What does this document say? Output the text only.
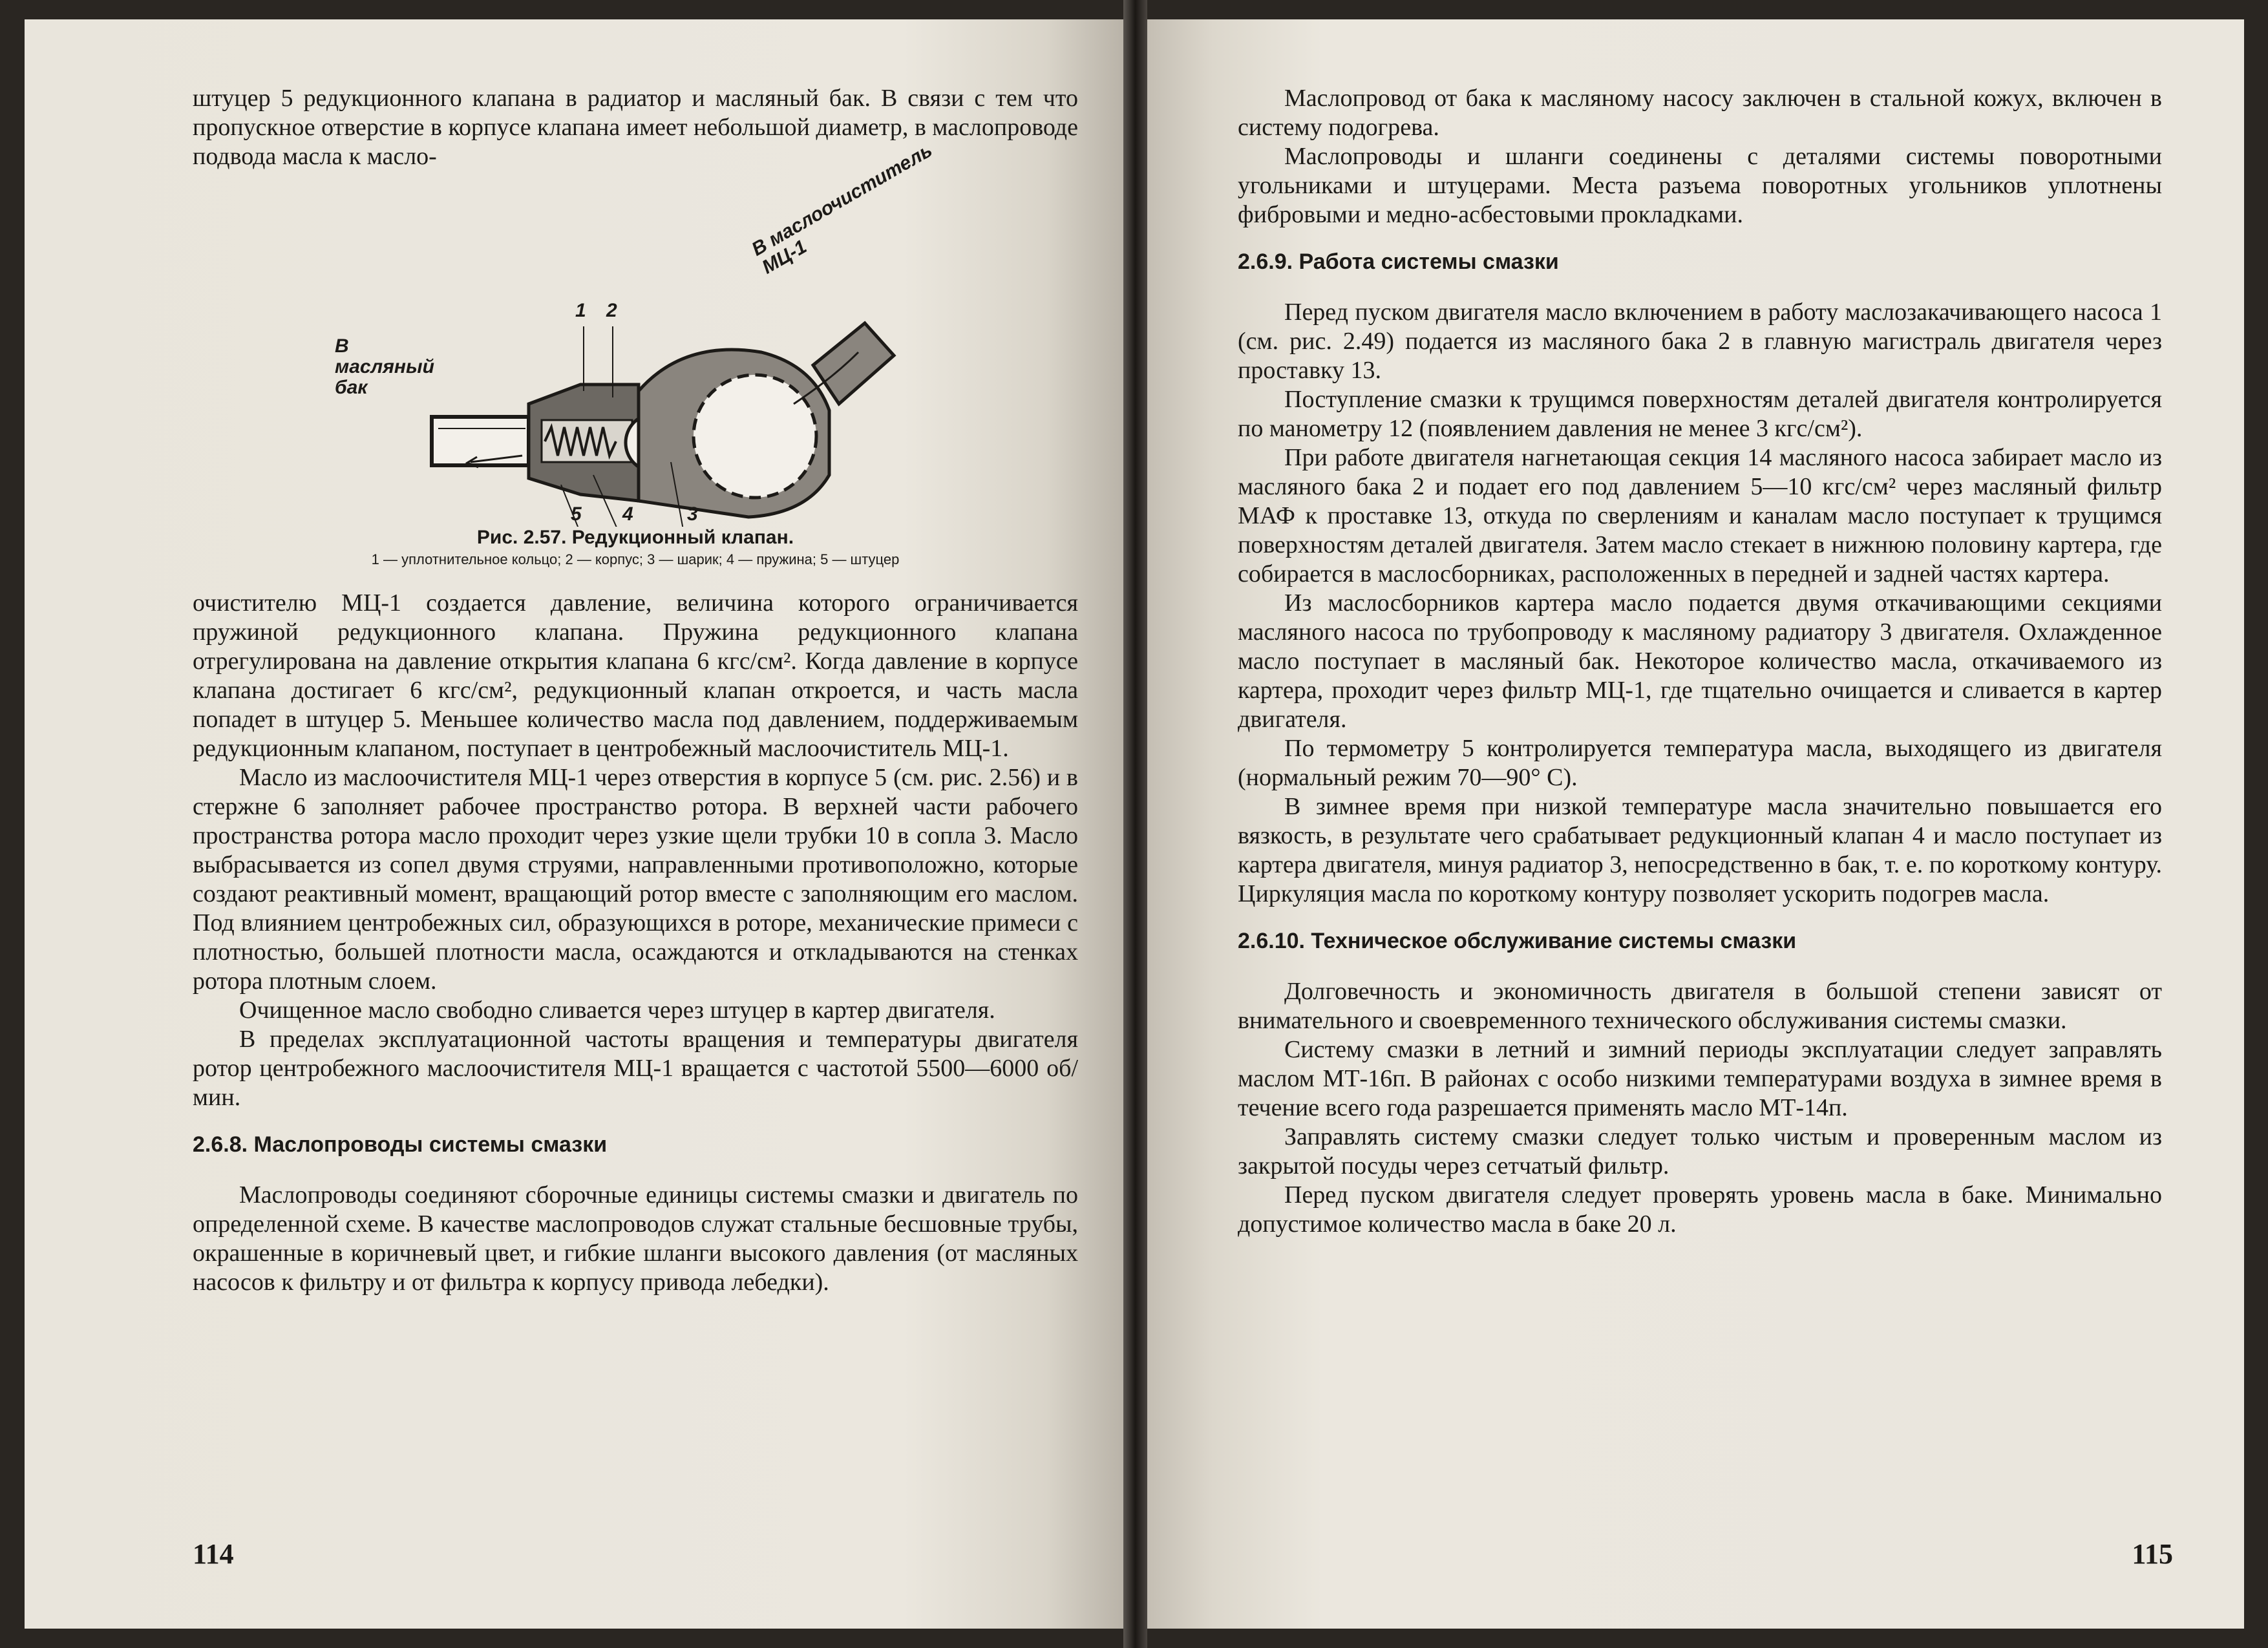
штуцер 5 редукционного клапана в радиатор и масляный бак. В связи с тем что пропускное отверстие в корпусе клапана имеет небольшой диаметр, в маслопроводе подвода масла к масло-

В масляный бак
В маслоочиститель МЦ-1
1 2
5 4	3
Рис. 2.57. Редукционный клапан.
1 — уплотнительное кольцо; 2 — корпус; 3 — шарик; 4 — пружина; 5 — штуцер

очистителю МЦ-1 создается давление, величина которого ограничивается пружиной редукционного клапана. Пружина редукционного клапана отрегулирована на давление открытия клапана 6 кгс/см². Когда давление в корпусе клапана достигает 6 кгс/см², редукционный клапан откроется, и часть масла попадет в штуцер 5. Меньшее количество масла под давлением, поддерживаемым редукционным клапаном, поступает в центробежный маслоочиститель МЦ-1.

Масло из маслоочистителя МЦ-1 через отверстия в корпусе 5 (см. рис. 2.56) и в стержне 6 заполняет рабочее пространство ротора. В верхней части рабочего пространства ротора масло проходит через узкие щели трубки 10 в сопла 3. Масло выбрасывается из сопел двумя струями, направленными противоположно, которые создают реактивный момент, вращающий ротор вместе с заполняющим его маслом. Под влиянием центробежных сил, образующихся в роторе, механические примеси с плотностью, большей плотности масла, осаждаются и откладываются на стенках ротора плотным слоем.

Очищенное масло свободно сливается через штуцер в картер двигателя.

В пределах эксплуатационной частоты вращения и температуры двигателя ротор центробежного маслоочистителя МЦ-1 вращается с частотой 5500—6000 об/мин.

2.6.8. Маслопроводы системы смазки

Маслопроводы соединяют сборочные единицы системы смазки и двигатель по определенной схеме. В качестве маслопроводов служат стальные бесшовные трубы, окрашенные в коричневый цвет, и гибкие шланги высокого давления (от масляных насосов к фильтру и от фильтра к корпусу привода лебедки).

114

Маслопровод от бака к масляному насосу заключен в стальной кожух, включен в систему подогрева.

Маслопроводы и шланги соединены с деталями системы поворотными угольниками и штуцерами. Места разъема поворотных угольников уплотнены фибровыми и медно-асбестовыми прокладками.

2.6.9. Работа системы смазки

Перед пуском двигателя масло включением в работу маслозакачивающего насоса 1 (см. рис. 2.49) подается из масляного бака 2 в главную магистраль двигателя через проставку 13.

Поступление смазки к трущимся поверхностям деталей двигателя контролируется по манометру 12 (появлением давления не менее 3 кгс/см²).

При работе двигателя нагнетающая секция 14 масляного насоса забирает масло из масляного бака 2 и подает его под давлением 5—10 кгс/см² через масляный фильтр МАФ к проставке 13, откуда по сверлениям и каналам масло поступает к трущимся поверхностям деталей двигателя. Затем масло стекает в нижнюю половину картера, где собирается в маслосборниках, расположенных в передней и задней частях картера.

Из маслосборников картера масло подается двумя откачивающими секциями масляного насоса по трубопроводу к масляному радиатору 3 двигателя. Охлажденное масло поступает в масляный бак. Некоторое количество масла, откачиваемого из картера, проходит через фильтр МЦ-1, где тщательно очищается и сливается в картер двигателя.

По термометру 5 контролируется температура масла, выходящего из двигателя (нормальный режим 70—90° С).

В зимнее время при низкой температуре масла значительно повышается его вязкость, в результате чего срабатывает редукционный клапан 4 и масло поступает из картера двигателя, минуя радиатор 3, непосредственно в бак, т. е. по короткому контуру. Циркуляция масла по короткому контуру позволяет ускорить подогрев масла.

2.6.10. Техническое обслуживание системы смазки

Долговечность и экономичность двигателя в большой степени зависят от внимательного и своевременного технического обслуживания системы смазки.

Систему смазки в летний и зимний периоды эксплуатации следует заправлять маслом МТ-16п. В районах с особо низкими температурами воздуха в зимнее время в течение всего года разрешается применять масло МТ-14п.

Заправлять систему смазки следует только чистым и проверенным маслом из закрытой посуды через сетчатый фильтр.

Перед пуском двигателя следует проверять уровень масла в баке. Минимально допустимое количество масла в баке 20 л.

115
